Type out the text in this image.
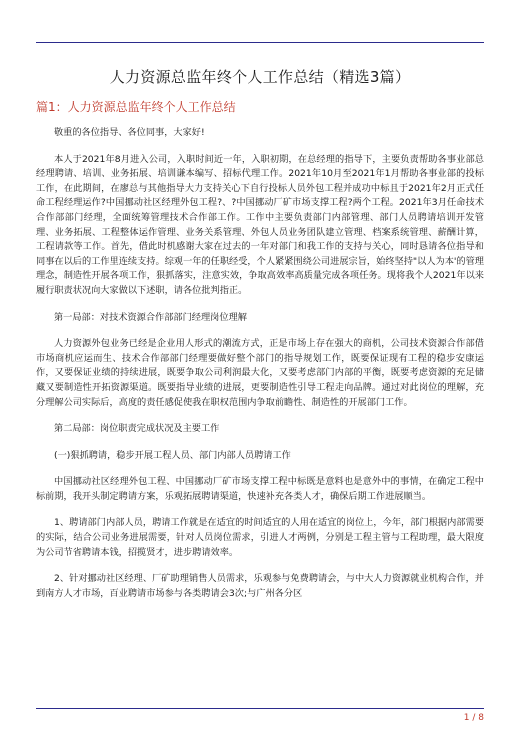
人力资源总监年终个人工作总结（精选3篇）
篇1：人力资源总监年终个人工作总结

敬重的各位指导、各位同事，大家好!

本人于2021年8月进入公司，入职时间近一年，入职初期，在总经理的指导下，主要负责帮助各事业部总经理聘请、培训、业务拓展、培训谦本编写、招标代理工作。2021年10月至2021年1月帮助各事业部的投标工作，在此期间，在廖总与其他指导大力支持关心下自行投标人员外包工程并成功中标且于2021年2月正式任命工程经理运作?中国挪动社区经理外包工程?、?中国挪动厂矿市场支撑工程?两个工程。2021年3月任命技术合作部部门经理，全面统筹管理技术合作部工作。工作中主要负责部门内部管理、部门人员聘请培训开发管理、业务拓展、工程整体运作管理、业务关系管理、外包人员业务团队建立管理、档案系统管理、薪酬计算，工程请款等工作。首先，借此时机感谢大家在过去的一年对部门和我工作的支持与关心，同时恳请各位指导和同事在以后的工作里连续支持。综观一年的任职经受，个人紧紧围绕公司进展宗旨，始终坚持"以人为本'的管理理念，制造性开展各项工作，狠抓落实，注意实效，争取高效率高质量完成各项任务。现将我个人2021年以来履行职责状况向大家做以下述职，请各位批判指正。

第一局部：对技术资源合作部部门经理岗位理解

人力资源外包业务已经是企业用人形式的潮流方式，正是市场上存在强大的商机，公司技术资源合作部借市场商机应运而生、技术合作部部门经理要做好整个部门的指导规划工作，既要保证现有工程的稳步安康运作，又要保证业绩的持续进展，既要争取公司利润最大化，又要考虑部门内部的平衡，既要考虑资源的充足储藏又要制造性开拓资源渠道。既要指导业绩的进展，更要制造性引导工程走向品牌。通过对此岗位的理解，充分理解公司实际后，高度的责任感促使我在职权范围内争取前瞻性、制造性的开展部门工作。

第二局部：岗位职责完成状况及主要工作

(一)狠抓聘请，稳步开展工程人员、部门内部人员聘请工作

中国挪动社区经理外包工程、中国挪动厂矿市场支撑工程中标既是意料也是意外中的事情，在确定工程中标前期，我开头制定聘请方案，乐观拓展聘请渠道，快速补充各类人才，确保后期工作进展顺当。

1、聘请部门内部人员，聘请工作就是在适宜的时间适宜的人用在适宜的岗位上，今年，部门根据内部需要的实际，结合公司业务进展需要，针对人员岗位需求，引进人才两例，分别是工程主管与工程助理，最大限度为公司节省聘请本钱，招揽贤才，进步聘请效率。

2、针对挪动社区经理、厂矿助理销售人员需求，乐观参与免费聘请会，与中大人力资源就业机构合作，并到南方人才市场，百业聘请市场参与各类聘请会3次;与广州各分区

1 / 8
